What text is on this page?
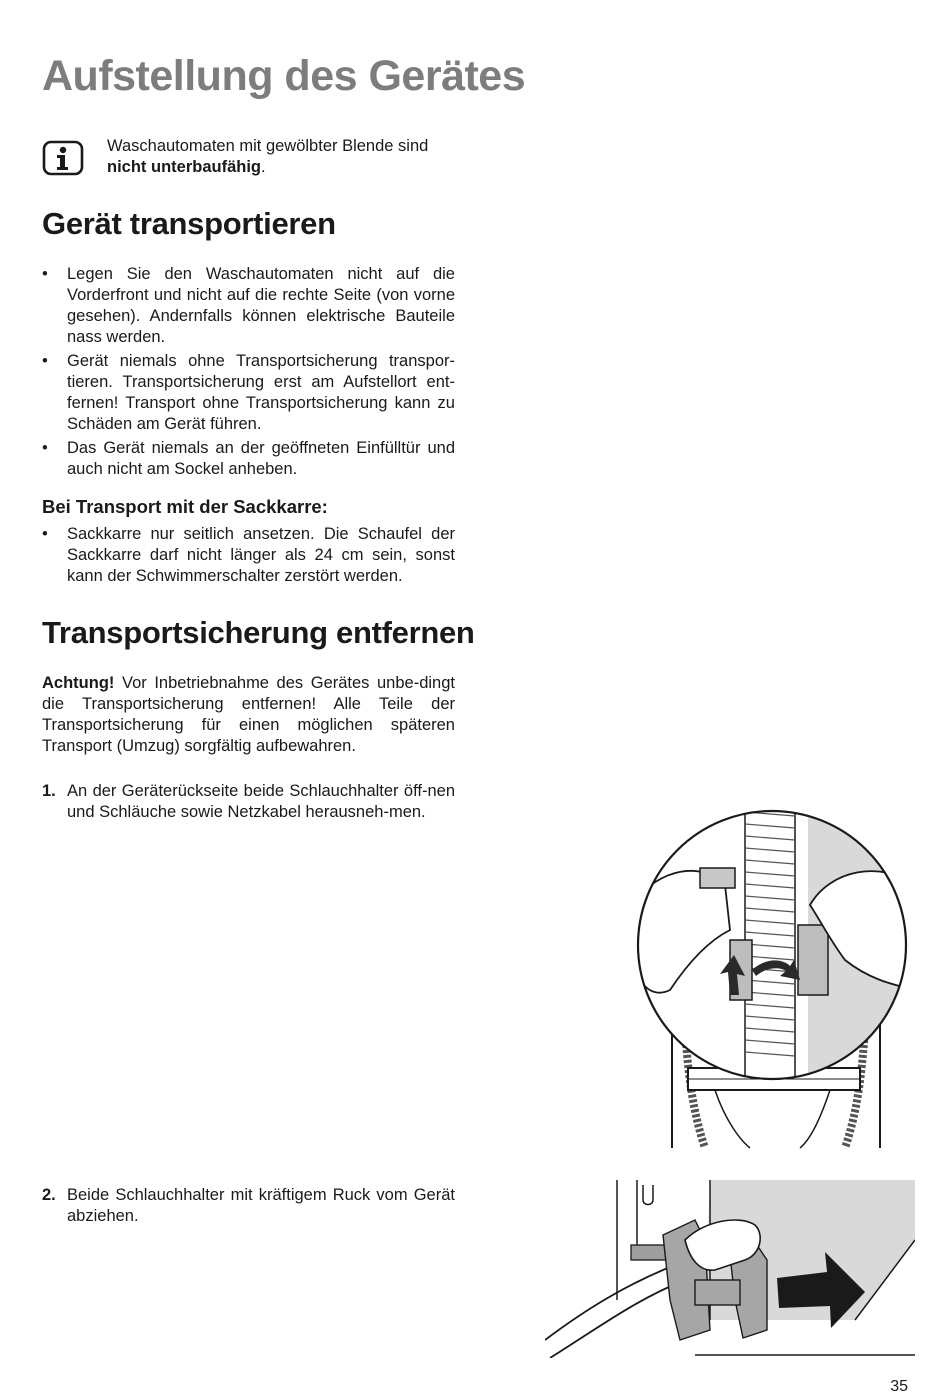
Aufstellung des Gerätes
Waschautomaten mit gewölbter Blende sind nicht unterbaufähig.
Gerät transportieren
• Legen Sie den Waschautomaten nicht auf die Vorderfront und nicht auf die rechte Seite (von vorne gesehen). Andernfalls können elektrische Bauteile nass werden.
• Gerät niemals ohne Transportsicherung transpor-tieren. Transportsicherung erst am Aufstellort ent-fernen! Transport ohne Transportsicherung kann zu Schäden am Gerät führen.
• Das Gerät niemals an der geöffneten Einfülltür und auch nicht am Sockel anheben.
Bei Transport mit der Sackkarre:
• Sackkarre nur seitlich ansetzen. Die Schaufel der Sackkarre darf nicht länger als 24 cm sein, sonst kann der Schwimmerschalter zerstört werden.
Transportsicherung entfernen
Achtung! Vor Inbetriebnahme des Gerätes unbe-dingt die Transportsicherung entfernen! Alle Teile der Transportsicherung für einen möglichen späteren Transport (Umzug) sorgfältig aufbewahren.
1. An der Geräterückseite beide Schlauchhalter öff-nen und Schläuche sowie Netzkabel herausneh-men.
2. Beide Schlauchhalter mit kräftigem Ruck vom Gerät abziehen.
35
